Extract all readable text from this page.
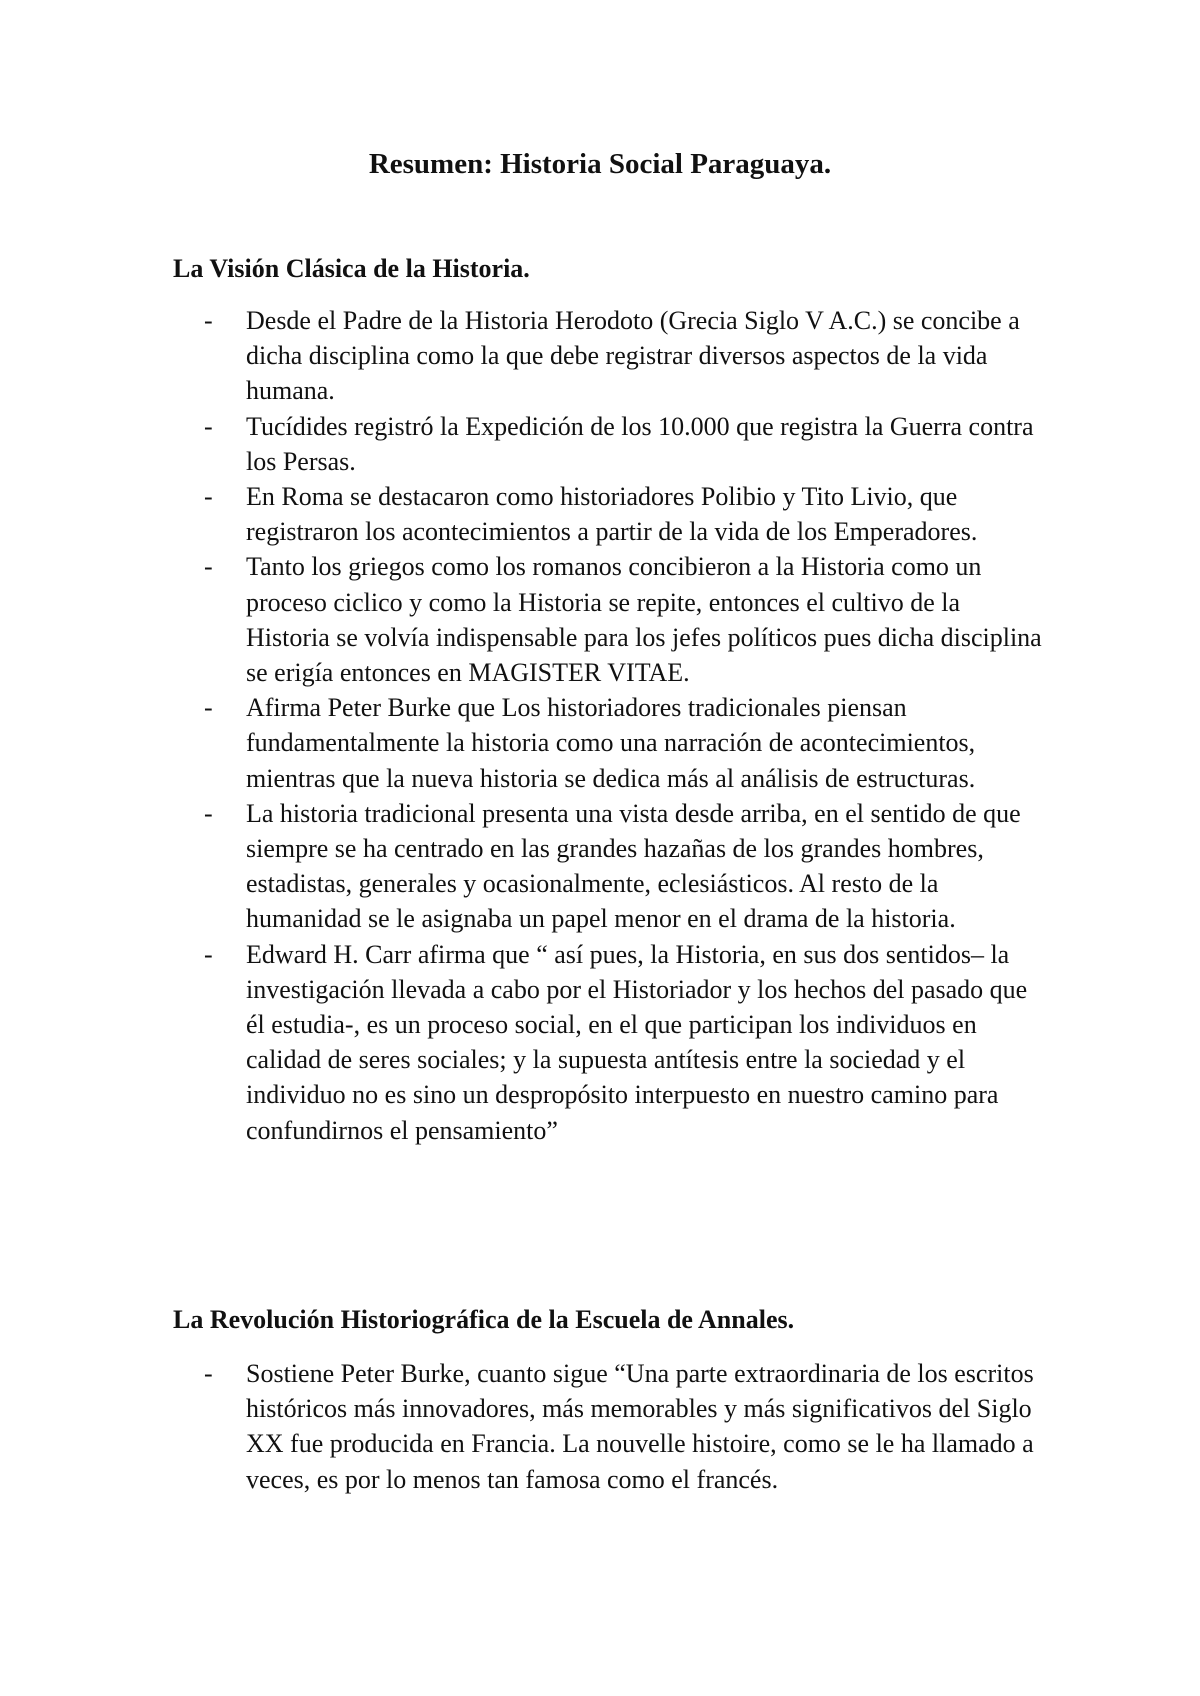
Resumen: Historia Social Paraguaya.
La Visión Clásica de la Historia.
- Desde el Padre de la Historia Herodoto (Grecia Siglo V A.C.) se concibe a dicha disciplina como la que debe registrar diversos aspectos de la vida humana.
- Tucídides registró la Expedición de los 10.000 que registra la Guerra contra los Persas.
- En Roma se destacaron como historiadores Polibio y Tito Livio, que registraron los acontecimientos a partir de la vida de los Emperadores.
- Tanto los griegos como los romanos concibieron a la Historia como un proceso ciclico y como la Historia se repite, entonces el cultivo de la Historia se volvía indispensable para los jefes políticos pues dicha disciplina se erigía entonces en MAGISTER VITAE.
- Afirma Peter Burke que Los historiadores tradicionales piensan fundamentalmente la historia como una narración de acontecimientos, mientras que la nueva historia se dedica más al análisis de estructuras.
- La historia tradicional presenta una vista desde arriba, en el sentido de que siempre se ha centrado en las grandes hazañas de los grandes hombres, estadistas, generales y ocasionalmente, eclesiásticos. Al resto de la humanidad se le asignaba un papel menor en el drama de la historia.
- Edward H. Carr afirma que “ así pues, la Historia, en sus dos sentidos– la investigación llevada a cabo por el Historiador y los hechos del pasado que él estudia-, es un proceso social, en el que participan los individuos en calidad de seres sociales; y la supuesta antítesis entre la sociedad y el individuo no es sino un despropósito interpuesto en nuestro camino para confundirnos el pensamiento”
La Revolución Historiográfica de la Escuela de Annales.
- Sostiene Peter Burke, cuanto sigue “Una parte extraordinaria de los escritos históricos más innovadores, más memorables y más significativos del Siglo XX fue producida en Francia. La nouvelle histoire, como se le ha llamado a veces, es por lo menos tan famosa como el francés.
